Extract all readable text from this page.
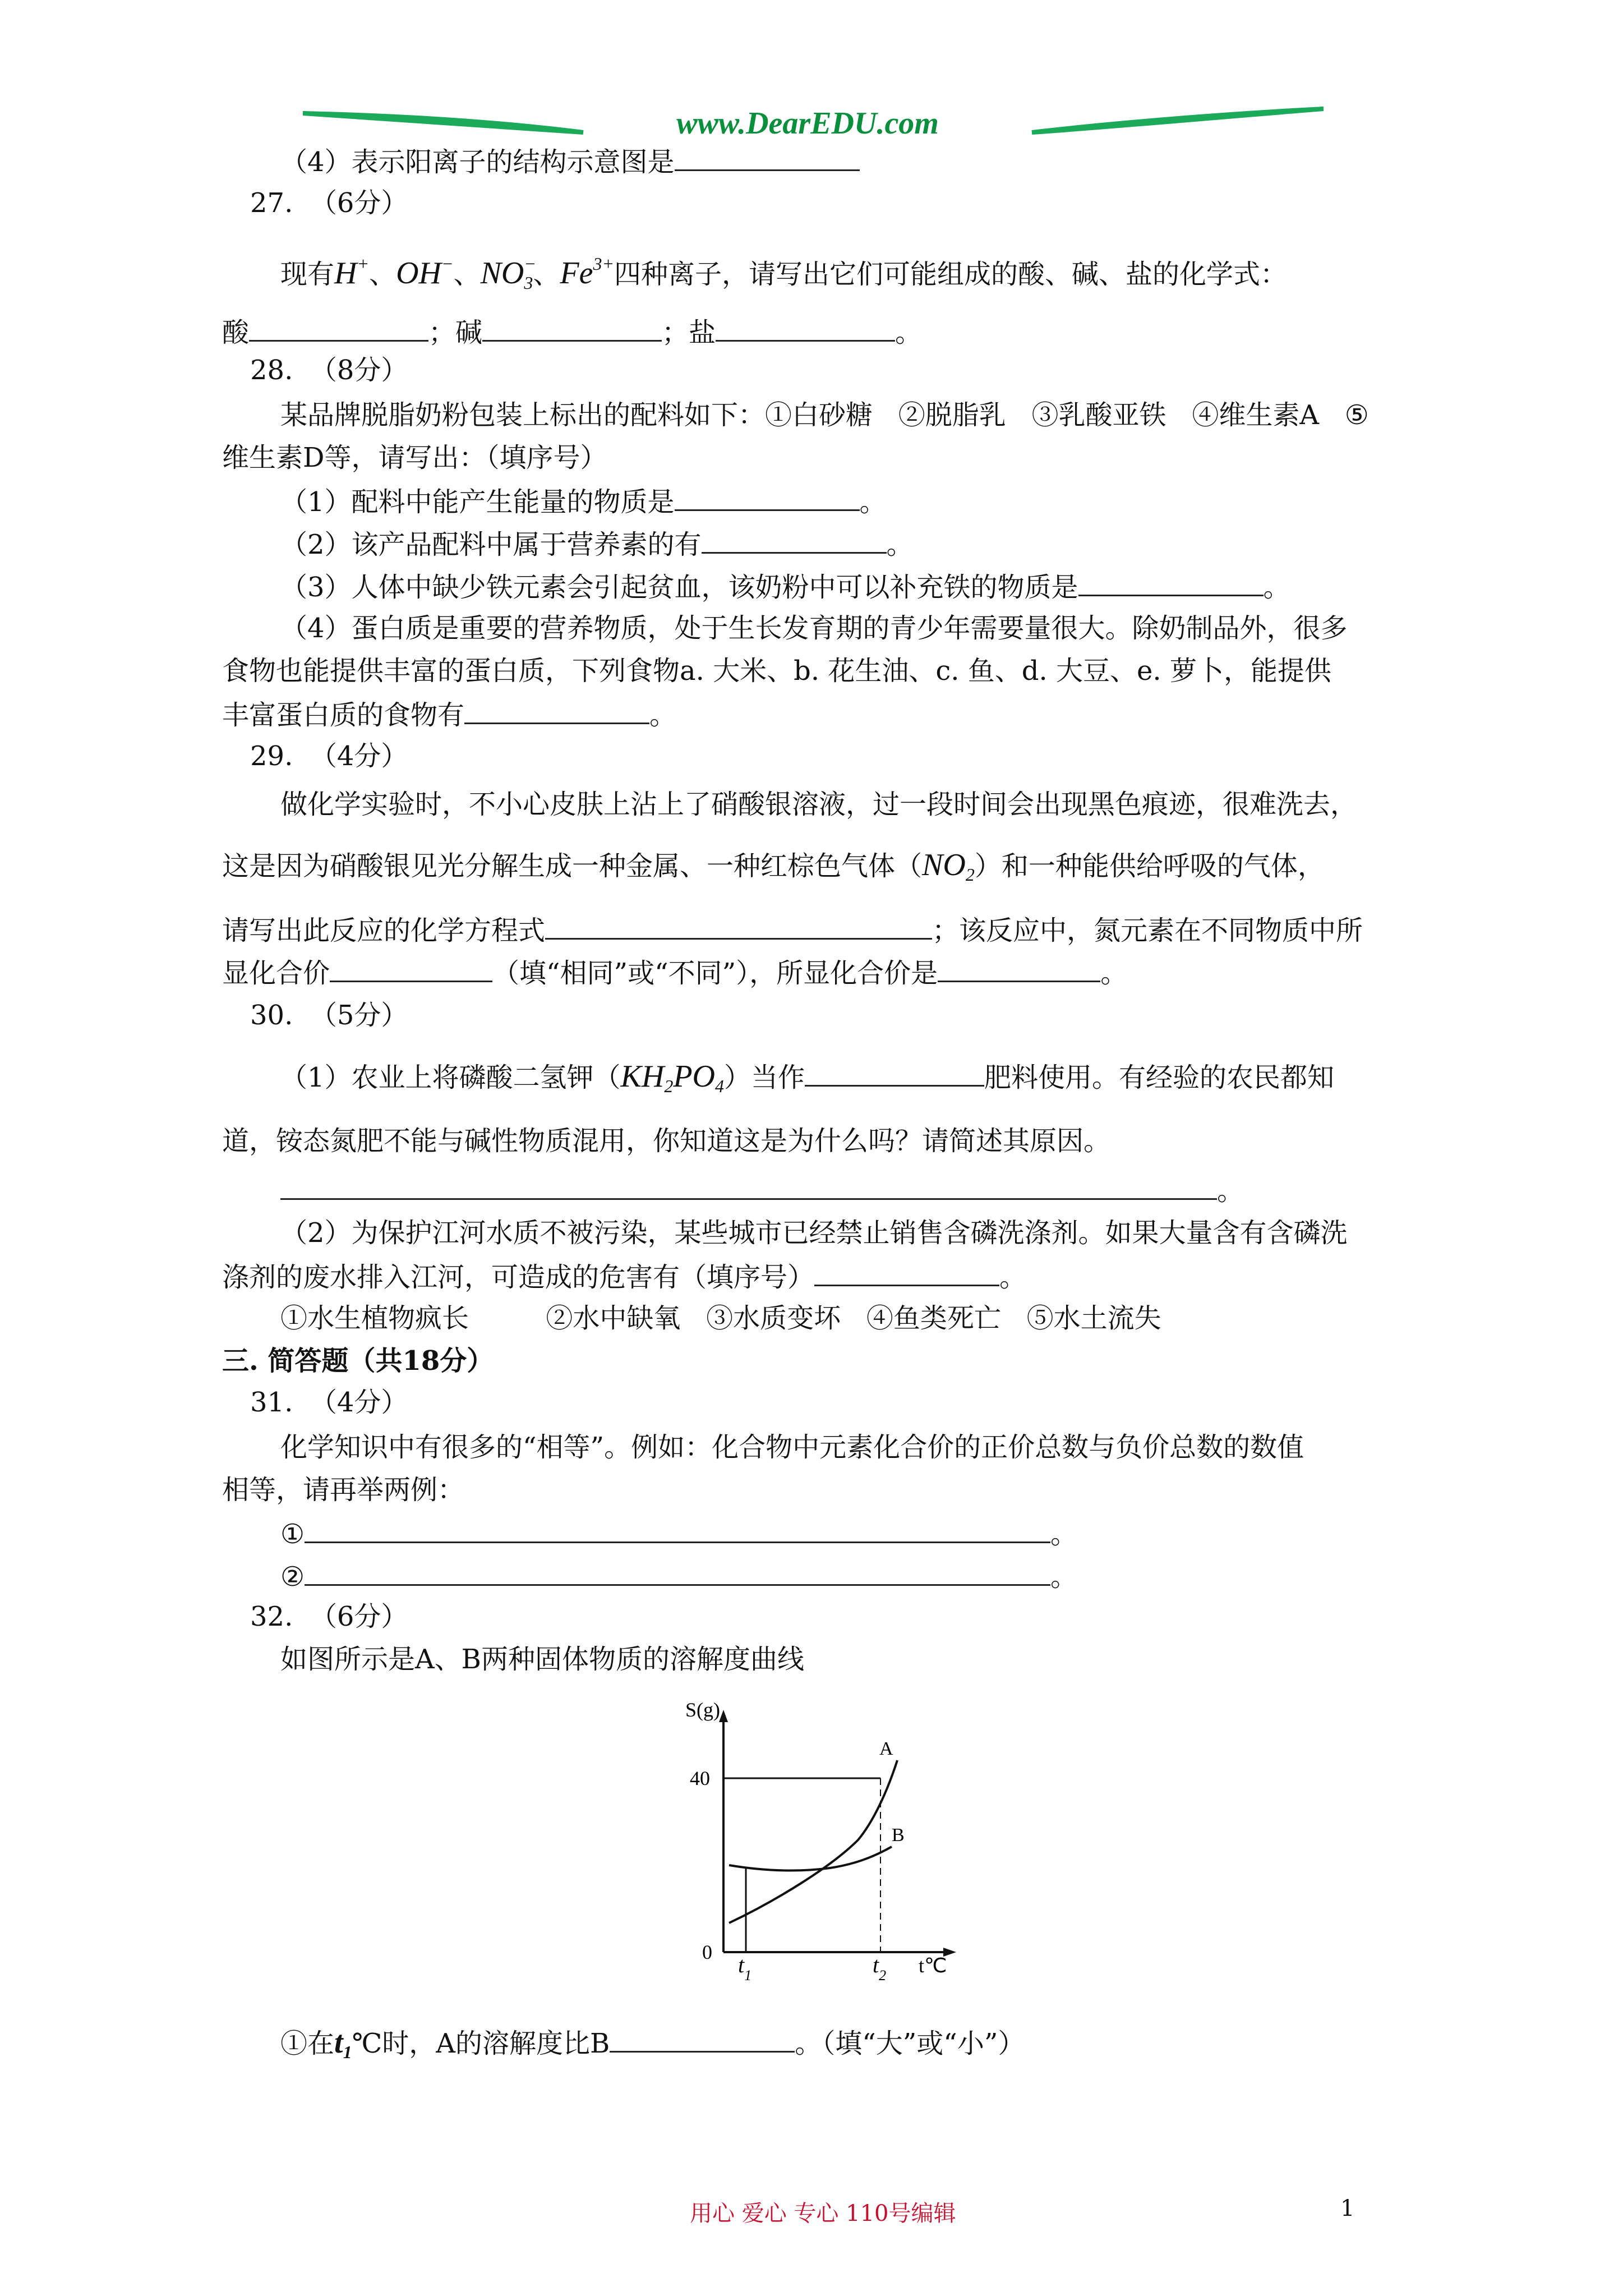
www.DearEDU.com
（4）表示阳离子的结构示意图是
27.  （6分）
现有H+、OH−、$NO^-_3$、$Fe^{3+}$四种离子，请写出它们可能组成的酸、碱、盐的化学式：
酸	；碱	；盐	。
28.  （8分）
某品牌脱脂奶粉包装上标出的配料如下：①白砂糖   ②脱脂乳   ③乳酸亚铁   ④维生素A   ⑤
维生素D等，请写出：（填序号）
（1）配料中能产生能量的物质是	。
（2）该产品配料中属于营养素的有	。
（3）人体中缺少铁元素会引起贫血，该奶粉中可以补充铁的物质是	。
（4）蛋白质是重要的营养物质，处于生长发育期的青少年需要量很大。除奶制品外，很多
食物也能提供丰富的蛋白质，下列食物a. 大米、b. 花生油、c. 鱼、d. 大豆、e. 萝卜，能提供
丰富蛋白质的食物有	。
29.  （4分）
做化学实验时，不小心皮肤上沾上了硝酸银溶液，过一段时间会出现黑色痕迹，很难洗去，
这是因为硝酸银见光分解生成一种金属、一种红棕色气体$(NO_2)$和一种能供给呼吸的气体，
请写出此反应的化学方程式	；该反应中，氮元素在不同物质中所
显化合价	（填“相同”或“不同”），所显化合价是	。
30.  （5分）
（1）农业上将磷酸二氢钾$(KH_2PO_4)$当作	肥料使用。有经验的农民都知
道，铵态氮肥不能与碱性物质混用，你知道这是为什么吗？请简述其原因。
。
（2）为保护江河水质不被污染，某些城市已经禁止销售含磷洗涤剂。如果大量含有含磷洗
涤剂的废水排入江河，可造成的危害有（填序号）	。
①水生植物疯长         ②水中缺氧   ③水质变坏   ④鱼类死亡   ⑤水土流失
三. 简答题（共18分）
31.  （4分）
化学知识中有很多的“相等”。例如：化合物中元素化合价的正价总数与负价总数的数值
相等，请再举两例：
①	。
②	。
32.  （6分）
如图所示是A、B两种固体物质的溶解度曲线
S(g)
40
0
A
B
$t_1$	$t_2$ t℃
①在$t_1℃$时，A的溶解度比B	。（填“大”或“小”）
用心 爱心 专心 110号编辑	1
